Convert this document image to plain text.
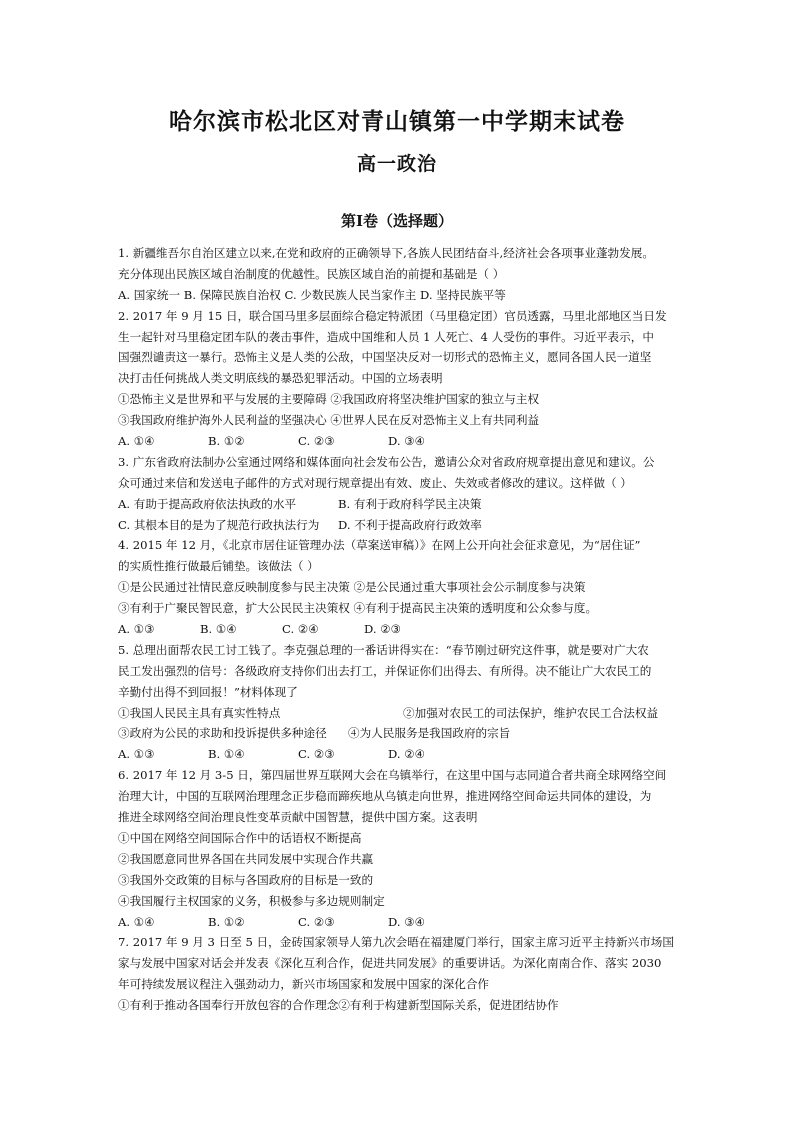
哈尔滨市松北区对青山镇第一中学期末试卷
高一政治
第I卷（选择题）
1. 新疆维吾尔自治区建立以来,在党和政府的正确领导下,各族人民团结奋斗,经济社会各项事业蓬勃发展。
充分体现出民族区域自治制度的优越性。民族区域自治的前提和基础是（ ）
A. 国家统一 B. 保障民族自治权 C. 少数民族人民当家作主 D. 坚持民族平等
2. 2017 年 9 月 15 日，联合国马里多层面综合稳定特派团（马里稳定团）官员透露，马里北部地区当日发
生一起针对马里稳定团车队的袭击事件，造成中国维和人员 1 人死亡、4 人受伤的事件。习近平表示，中
国强烈谴责这一暴行。恐怖主义是人类的公敌，中国坚决反对一切形式的恐怖主义，愿同各国人民一道坚
决打击任何挑战人类文明底线的暴恐犯罪活动。中国的立场表明
①恐怖主义是世界和平与发展的主要障碍 ②我国政府将坚决维护国家的独立与主权
③我国政府维护海外人民利益的坚强决心 ④世界人民在反对恐怖主义上有共同利益
A. ①④	B. ①②	C. ②③	D. ③④
3. 广东省政府法制办公室通过网络和媒体面向社会发布公告，邀请公众对省政府规章提出意见和建议。公
众可通过来信和发送电子邮件的方式对现行规章提出有效、废止、失效或者修改的建议。这样做（ ）
A. 有助于提高政府依法执政的水平	B. 有利于政府科学民主决策
C. 其根本目的是为了规范行政执法行为 D. 不利于提高政府行政效率
4. 2015 年 12 月，《北京市居住证管理办法（草案送审稿）》在网上公开向社会征求意见，为“居住证”
的实质性推行做最后铺垫。该做法（ ）
①是公民通过社情民意反映制度参与民主决策 ②是公民通过重大事项社会公示制度参与决策
③有利于广聚民智民意，扩大公民民主决策权 ④有利于提高民主决策的透明度和公众参与度。
A. ①③	B. ①④	C. ②④	D. ②③
5. 总理出面帮农民工讨工钱了。李克强总理的一番话讲得实在：“春节刚过研究这件事，就是要对广大农
民工发出强烈的信号：各级政府支持你们出去打工，并保证你们出得去、有所得。决不能让广大农民工的
辛勤付出得不到回报！”材料体现了
①我国人民民主具有真实性特点	②加强对农民工的司法保护，维护农民工合法权益
③政府为公民的求助和投诉提供多种途径 ④为人民服务是我国政府的宗旨
A. ①③	B. ①④	C. ②③	D. ②④
6. 2017 年 12 月 3-5 日，第四届世界互联网大会在乌镇举行，在这里中国与志同道合者共商全球网络空间
治理大计，中国的互联网治理理念正步稳而蹄疾地从乌镇走向世界，推进网络空间命运共同体的建设，为
推进全球网络空间治理良性变革贡献中国智慧，提供中国方案。这表明
①中国在网络空间国际合作中的话语权不断提高
②我国愿意同世界各国在共同发展中实现合作共赢
③我国外交政策的目标与各国政府的目标是一致的
④我国履行主权国家的义务，积极参与多边规则制定
A. ①④	B. ①②	C. ②③	D. ③④
7. 2017 年 9 月 3 日至 5 日，金砖国家领导人第九次会晤在福建厦门举行，国家主席习近平主持新兴市场国
家与发展中国家对话会并发表《深化互利合作，促进共同发展》的重要讲话。为深化南南合作、落实 2030
年可持续发展议程注入强劲动力，新兴市场国家和发展中国家的深化合作
①有利于推动各国奉行开放包容的合作理念②有利于构建新型国际关系，促进团结协作
